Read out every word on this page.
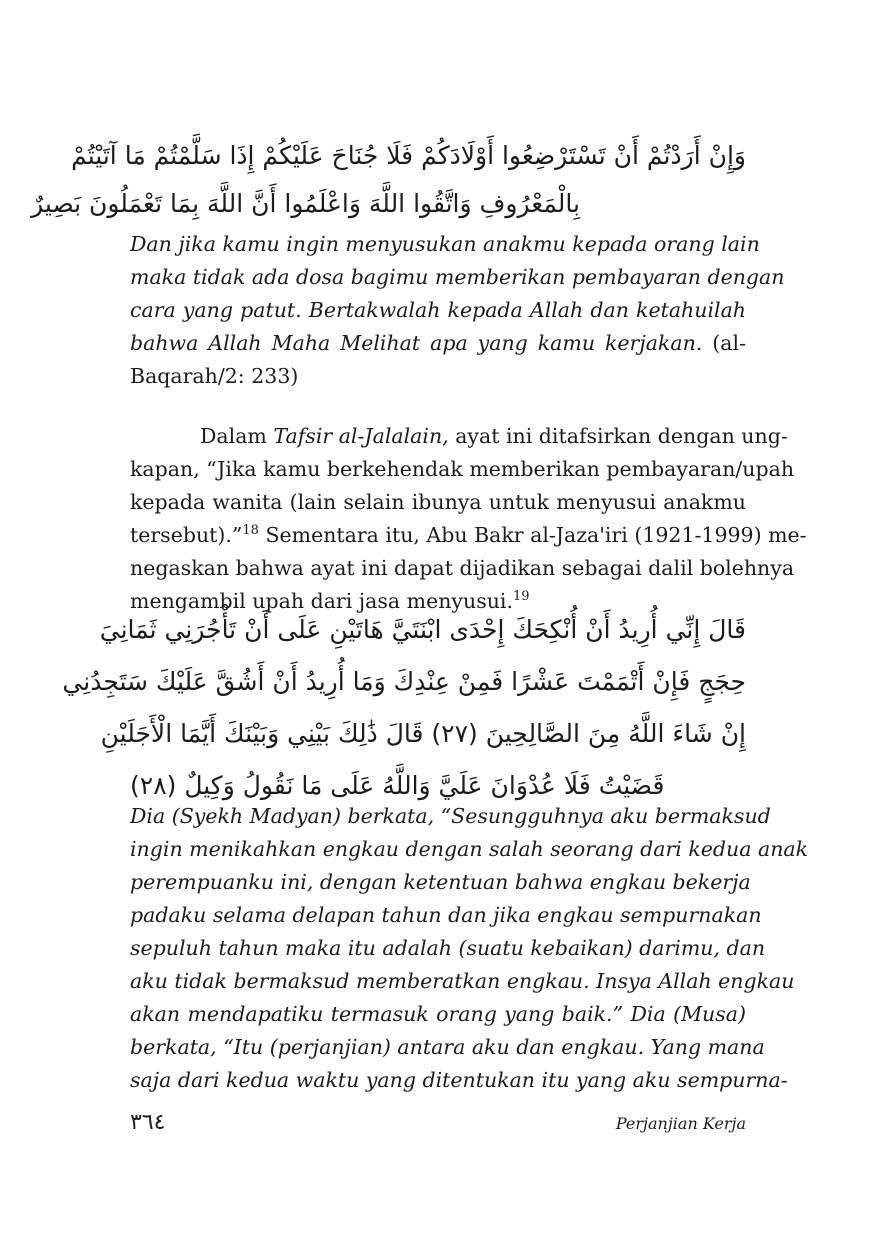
وَإِنْ أَرَدْتُمْ أَنْ تَسْتَرْضِعُوا أَوْلَادَكُمْ فَلَا جُنَاحَ عَلَيْكُمْ إِذَا سَلَّمْتُمْ مَا آتَيْتُمْ
بِالْمَعْرُوفِ وَاتَّقُوا اللَّهَ وَاعْلَمُوا أَنَّ اللَّهَ بِمَا تَعْمَلُونَ بَصِيرٌ
Dan jika kamu ingin menyusukan anakmu kepada orang lain
maka tidak ada dosa bagimu memberikan pembayaran dengan
cara yang patut. Bertakwalah kepada Allah dan ketahuilah
bahwa Allah Maha Melihat apa yang kamu kerjakan. (al-
Baqarah/2: 233)
Dalam Tafsir al-Jalalain, ayat ini ditafsirkan dengan ung-
kapan, “Jika kamu berkehendak memberikan pembayaran/upah
kepada wanita (lain selain ibunya untuk menyusui anakmu
tersebut).”$^{18}$ Sementara itu, Abu Bakr al-Jaza'iri (1921-1999) me-
negaskan bahwa ayat ini dapat dijadikan sebagai dalil bolehnya
mengambil upah dari jasa menyusui.$^{19}$
قَالَ إِنِّي أُرِيدُ أَنْ أُنْكِحَكَ إِحْدَى ابْنَتَيَّ هَاتَيْنِ عَلَى أَنْ تَأْجُرَنِي ثَمَانِيَ
حِجَجٍ فَإِنْ أَتْمَمْتَ عَشْرًا فَمِنْ عِنْدِكَ وَمَا أُرِيدُ أَنْ أَشُقَّ عَلَيْكَ سَتَجِدُنِي
إِنْ شَاءَ اللَّهُ مِنَ الصَّالِحِينَ (٢٧) قَالَ ذَٰلِكَ بَيْنِي وَبَيْنَكَ أَيَّمَا الْأَجَلَيْنِ
قَضَيْتُ فَلَا عُدْوَانَ عَلَيَّ وَاللَّهُ عَلَى مَا نَقُولُ وَكِيلٌ (٢٨)
Dia (Syekh Madyan) berkata, “Sesungguhnya aku bermaksud
ingin menikahkan engkau dengan salah seorang dari kedua anak
perempuanku ini, dengan ketentuan bahwa engkau bekerja
padaku selama delapan tahun dan jika engkau sempurnakan
sepuluh tahun maka itu adalah (suatu kebaikan) darimu, dan
aku tidak bermaksud memberatkan engkau. Insya Allah engkau
akan mendapatiku termasuk orang yang baik.” Dia (Musa)
berkata, “Itu (perjanjian) antara aku dan engkau. Yang mana
saja dari kedua waktu yang ditentukan itu yang aku sempurna-
٣٦٤	Perjanjian Kerja
